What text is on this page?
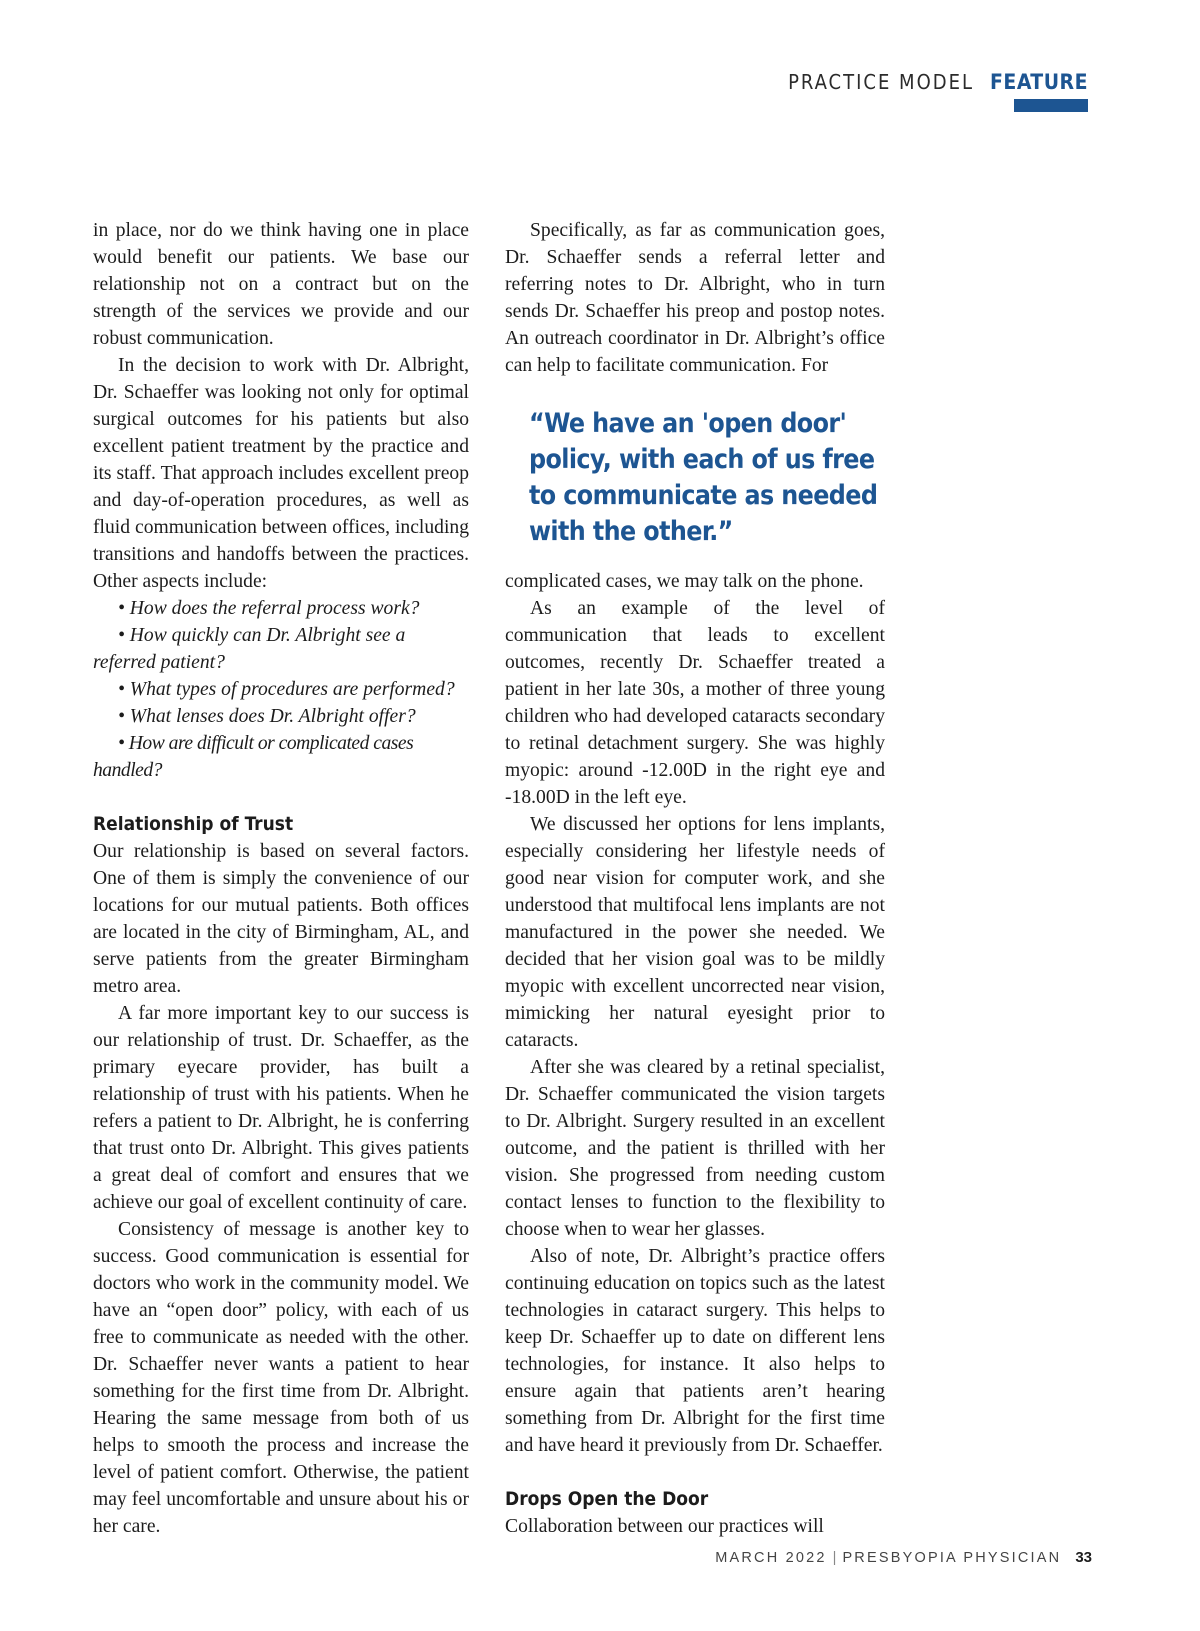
PRACTICE MODEL FEATURE

in place, nor do we think having one in place would benefit our patients. We base our relationship not on a contract but on the strength of the services we provide and our robust communication.

In the decision to work with Dr. Albright, Dr. Schaeffer was looking not only for optimal surgical outcomes for his patients but also excellent patient treatment by the practice and its staff. That approach includes excellent preop and day-of-operation procedures, as well as fluid communication between offices, including transitions and handoffs between the practices. Other aspects include:

• How does the referral process work?

• How quickly can Dr. Albright see a referred patient?

• What types of procedures are performed?

• What lenses does Dr. Albright offer?

• How are difficult or complicated cases handled?

Relationship of Trust

Our relationship is based on several factors. One of them is simply the convenience of our locations for our mutual patients. Both offices are located in the city of Birmingham, AL, and serve patients from the greater Birmingham metro area.

A far more important key to our success is our relationship of trust. Dr. Schaeffer, as the primary eyecare provider, has built a relationship of trust with his patients. When he refers a patient to Dr. Albright, he is conferring that trust onto Dr. Albright. This gives patients a great deal of comfort and ensures that we achieve our goal of excellent continuity of care.

Consistency of message is another key to success. Good communication is essential for doctors who work in the community model. We have an “open door” policy, with each of us free to communicate as needed with the other. Dr. Schaeffer never wants a patient to hear something for the first time from Dr. Albright. Hearing the same message from both of us helps to smooth the process and increase the level of patient comfort. Otherwise, the patient may feel uncomfortable and unsure about his or her care.

Specifically, as far as communication goes, Dr. Schaeffer sends a referral letter and referring notes to Dr. Albright, who in turn sends Dr. Schaeffer his preop and postop notes. An outreach coordinator in Dr. Albright’s office can help to facilitate communication. For

“We have an 'open door' policy, with each of us free to communicate as needed with the other.”

complicated cases, we may talk on the phone.

As an example of the level of communication that leads to excellent outcomes, recently Dr. Schaeffer treated a patient in her late 30s, a mother of three young children who had developed cataracts secondary to retinal detachment surgery. She was highly myopic: around -12.00D in the right eye and -18.00D in the left eye.

We discussed her options for lens implants, especially considering her lifestyle needs of good near vision for computer work, and she understood that multifocal lens implants are not manufactured in the power she needed. We decided that her vision goal was to be mildly myopic with excellent uncorrected near vision, mimicking her natural eyesight prior to cataracts.

After she was cleared by a retinal specialist, Dr. Schaeffer communicated the vision targets to Dr. Albright. Surgery resulted in an excellent outcome, and the patient is thrilled with her vision. She progressed from needing custom contact lenses to function to the flexibility to choose when to wear her glasses.

Also of note, Dr. Albright’s practice offers continuing education on topics such as the latest technologies in cataract surgery. This helps to keep Dr. Schaeffer up to date on different lens technologies, for instance. It also helps to ensure again that patients aren’t hearing something from Dr. Albright for the first time and have heard it previously from Dr. Schaeffer.

Drops Open the Door

Collaboration between our practices will

MARCH 2022 | PRESBYOPIA PHYSICIAN 33
